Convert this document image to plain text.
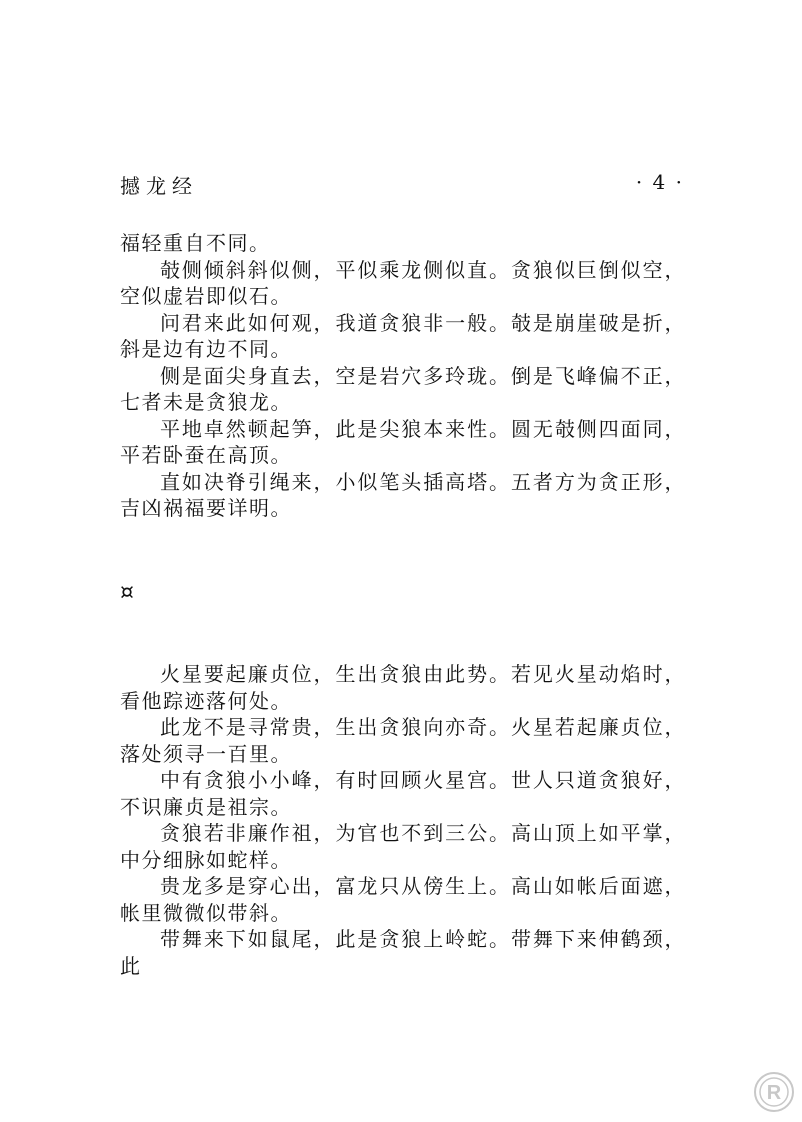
撼龙经	· 4 ·

福轻重自不同。

攲侧倾斜斜似侧，平似乘龙侧似直。贪狼似巨倒似空，空似虚岩即似石。

问君来此如何观，我道贪狼非一般。攲是崩崖破是折，斜是边有边不同。

侧是面尖身直去，空是岩穴多玲珑。倒是飞峰偏不正，七者未是贪狼龙。

平地卓然顿起笋，此是尖狼本来性。圆无攲侧四面同，平若卧蚕在高顶。

直如决脊引绳来，小似笔头插高塔。五者方为贪正形，吉凶祸福要详明。

¤

火星要起廉贞位，生出贪狼由此势。若见火星动焰时，看他踪迹落何处。

此龙不是寻常贵，生出贪狼向亦奇。火星若起廉贞位，落处须寻一百里。

中有贪狼小小峰，有时回顾火星宫。世人只道贪狼好，不识廉贞是祖宗。

贪狼若非廉作祖，为官也不到三公。高山顶上如平掌，中分细脉如蛇样。

贵龙多是穿心出，富龙只从傍生上。高山如帐后面遮，帐里微微似带斜。

带舞来下如鼠尾，此是贪狼上岭蛇。带舞下来伸鹤颈，此

R
